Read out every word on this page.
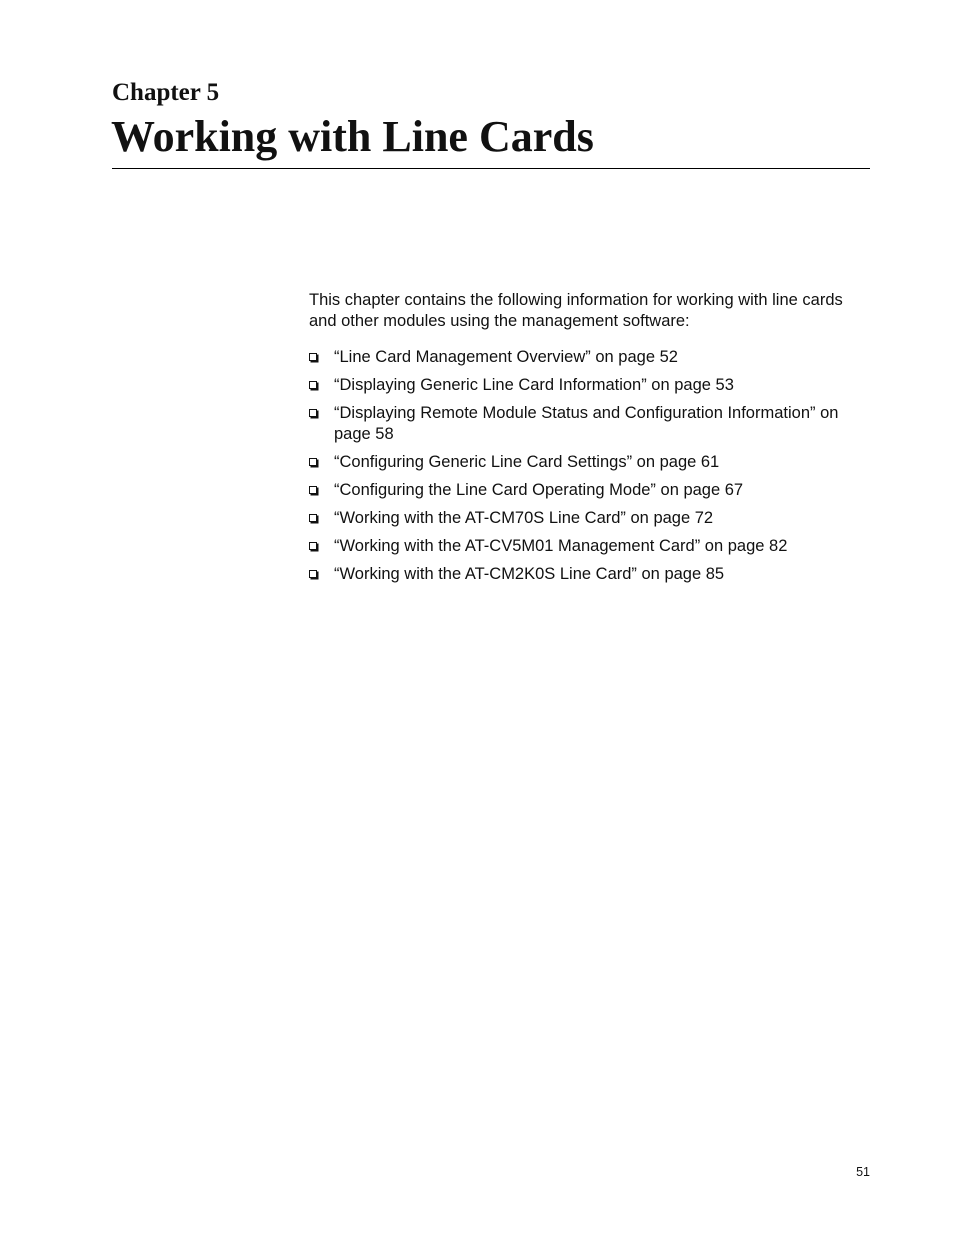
Chapter 5
Working with Line Cards

This chapter contains the following information for working with line cards and other modules using the management software:

“Line Card Management Overview” on page 52
“Displaying Generic Line Card Information” on page 53
“Displaying Remote Module Status and Configuration Information” on page 58
“Configuring Generic Line Card Settings” on page 61
“Configuring the Line Card Operating Mode” on page 67
“Working with the AT-CM70S Line Card” on page 72
“Working with the AT-CV5M01 Management Card” on page 82
“Working with the AT-CM2K0S Line Card” on page 85
51
